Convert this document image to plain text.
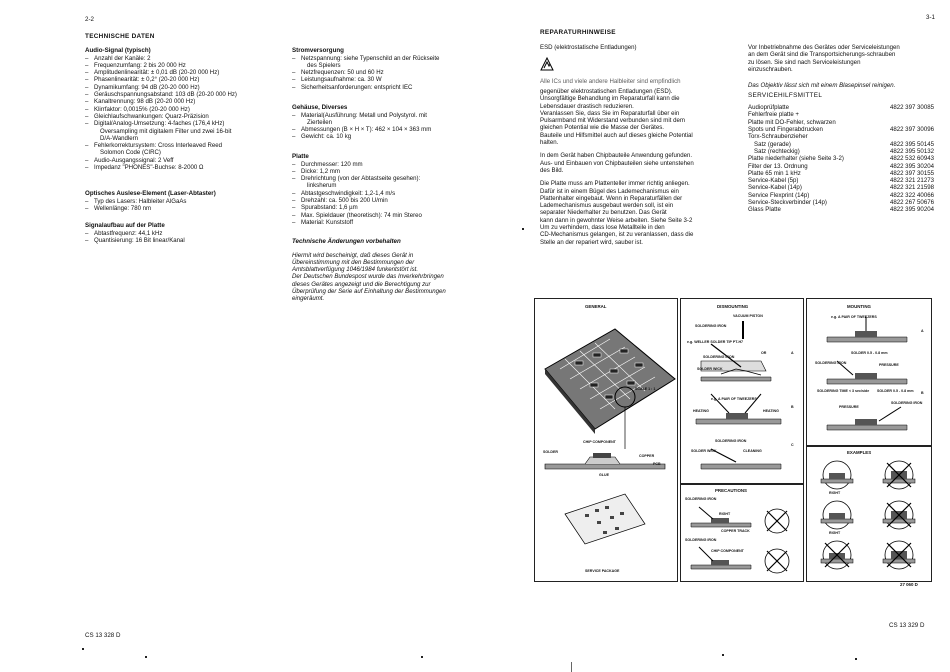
2-2
TECHNISCHE DATEN
Audio-Signal (typisch)
– Anzahl der Kanäle: 2
– Frequenzumfang: 2 bis 20 000 Hz
– Amplitudenlinearität: ± 0,01 dB (20-20 000 Hz)
– Phasenlinearität: ± 0,2° (20-20 000 Hz)
– Dynamikumfang: 94 dB (20-20 000 Hz)
– Geräuschspannungsabstand: 103 dB (20-20 000 Hz)
– Kanaltrennung: 98 dB (20-20 000 Hz)
– Klirrfaktor: 0,0015% (20-20 000 Hz)
– Gleichlaufschwankungen: Quarz-Präzision
– Digital/Analog-Umsetzung: 4-faches (176,4 kHz)
Oversampling mit digitalem Filter und zwei 16-bit
D/A-Wandlern
– Fehlerkorrektursystem: Cross Interleaved Reed
Solomon Code (CIRC)
– Audio-Ausgangssignal: 2 Veff
– Impedanz "PHONES"-Buchse: 8-2000 Ω
Optisches Auslese-Element (Laser-Abtaster)
– Typ des Lasers: Halbleiter AlGaAs
– Wellenlänge: 780 nm
Signalaufbau auf der Platte
– Abtastfrequenz: 44,1 kHz
– Quantisierung: 16 Bit linear/Kanal
Stromversorgung
– Netzspannung: siehe Typenschild an der Rückseite
des Spielers
– Netzfrequenzen: 50 und 60 Hz
– Leistungsaufnahme: ca. 30 W
– Sicherheitsanforderungen: entspricht IEC
Gehäuse, Diverses
– Material(Ausführung: Metall und Polystyrol. mit
Zierteilen
– Abmessungen (B × H × T): 462 × 104 × 363 mm
– Gewicht: ca. 10 kg
Platte
– Durchmesser: 120 mm
– Dicke: 1,2 mm
– Drehrichtung (von der Abtastseite gesehen):
linksherum
– Abtastgeschwindigkeit: 1,2-1,4 m/s
– Drehzahl: ca. 500 bis 200 U/min
– Spurabstand: 1,6 µm
– Max. Spieldauer (theoretisch): 74 min Stereo
– Material: Kunststoff
Technische Änderungen vorbehalten

Hiermit wird bescheinigt, daß dieses Gerät in

Übereinstimmung mit den Bestimmungen der

Amtsblattverfügung 1046/1984 funkentstört ist.

Der Deutschen Bundespost wurde das Inverkehrbringen

dieses Gerätes angezeigt und die Berechtigung zur

Überprüfung der Serie auf Einhaltung der Bestimmungen

eingeräumt.

CS 13 328 D
3-1
REPARATURHINWEISE

ESD (elektrostatische Entladungen)

Alle ICs und viele andere Halbleiter sind empfindlich

gegenüber elektrostatischen Entladungen (ESD).

Unsorgfältige Behandlung im Reparaturfall kann die

Lebensdauer drastisch reduzieren.

Veranlassen Sie, dass Sie im Reparaturfall über ein

Pulsarmband mit Widerstand verbunden sind mit dem

gleichen Potential wie die Masse der Gerätes.

Bauteile und Hilfsmittel auch auf dieses gleiche Potential

halten.

In dem Gerät haben Chipbauteile Anwendung gefunden.

Aus- und Einbauen von Chipbauteilen siehe untenstehen

des Bild.

Die Platte muss am Plattenteller immer richtig anliegen.

Dafür ist in einem Bügel des Lademechanismus ein

Plattenhalter eingebaut. Wenn in Reparaturfällen der

Lademechanismus ausgebaut werden soll, ist ein

separater Niederhalter zu benutzen. Das Gerät

kann dann in gewohnter Weise arbeiten. Siehe Seite 3-2

Um zu verhindern, dass lose Metallteile in den

CD-Mechanismus gelangen, ist zu veranlassen, dass die

Stelle an der repariert wird, sauber ist.

Vor Inbetriebnahme des Gerätes oder Serviceleistungen

an dem Gerät sind die Transportsicherungs-schrauben

zu lösen. Sie sind nach Serviceleistungen

einzuschrauben.

Das Objektiv lässt sich mit einem Blasepinsel reinigen.

SERVICEHILFSMITTEL
Audioprüfplatte	4822 397 30085
Fehlerfreie platte +
Platte mit DO-Fehler, schwarzen
Spots und Fingerabdrucken	4822 397 30096
Torx-Schraubenzieher
Satz (gerade)	4822 395 50145
Satz (rechteckig)	4822 395 50132
Platte niederhalter (siehe Seite 3-2)	4822 532 60943
Filter der 13. Ordnung	4822 395 30204
Platte 65 min 1 kHz	4822 397 30155
Service-Kabel (5p)	4822 321 21273
Service-Kabel (14p)	4822 321 21598
Service Flexprint (14p)	4822 322 40066
Service-Steckverbinder (14p)	4822 267 50676
Glass Platte	4822 395 90204
GENERAL
SCALE 1 : 1
CHIP COMPONENT
SOLDER
COPPER
PCB
GLUE
SERVICE PACKAGE
DISMOUNTING
VACUUM PISTON
SOLDERING IRON
e.g. WELLER SOLDER TIP PT-H7
OR
SOLDERING IRON
SOLDER WICK
A
e.g. A PAIR OF TWEEZERS
HEATING	HEATING
B
SOLDERING IRON
SOLDER WICK	CLEANING
C
MOUNTING
e.g. A PAIR OF TWEEZERS
A
SOLDER 0.5 - 0.8 mm
SOLDERING IRON	PRESSURE
SOLDERING TIME < 3 sec/side SOLDER 0.5 - 0.8 mm B
PRESSURE
SOLDERING IRON
PRECAUTIONS
SOLDERING IRON
RIGHT
COPPER TRACK
SOLDERING IRON
CHIP COMPONENT
EXAMPLES
RIGHT
RIGHT
27 060 D
CS 13 329 D
